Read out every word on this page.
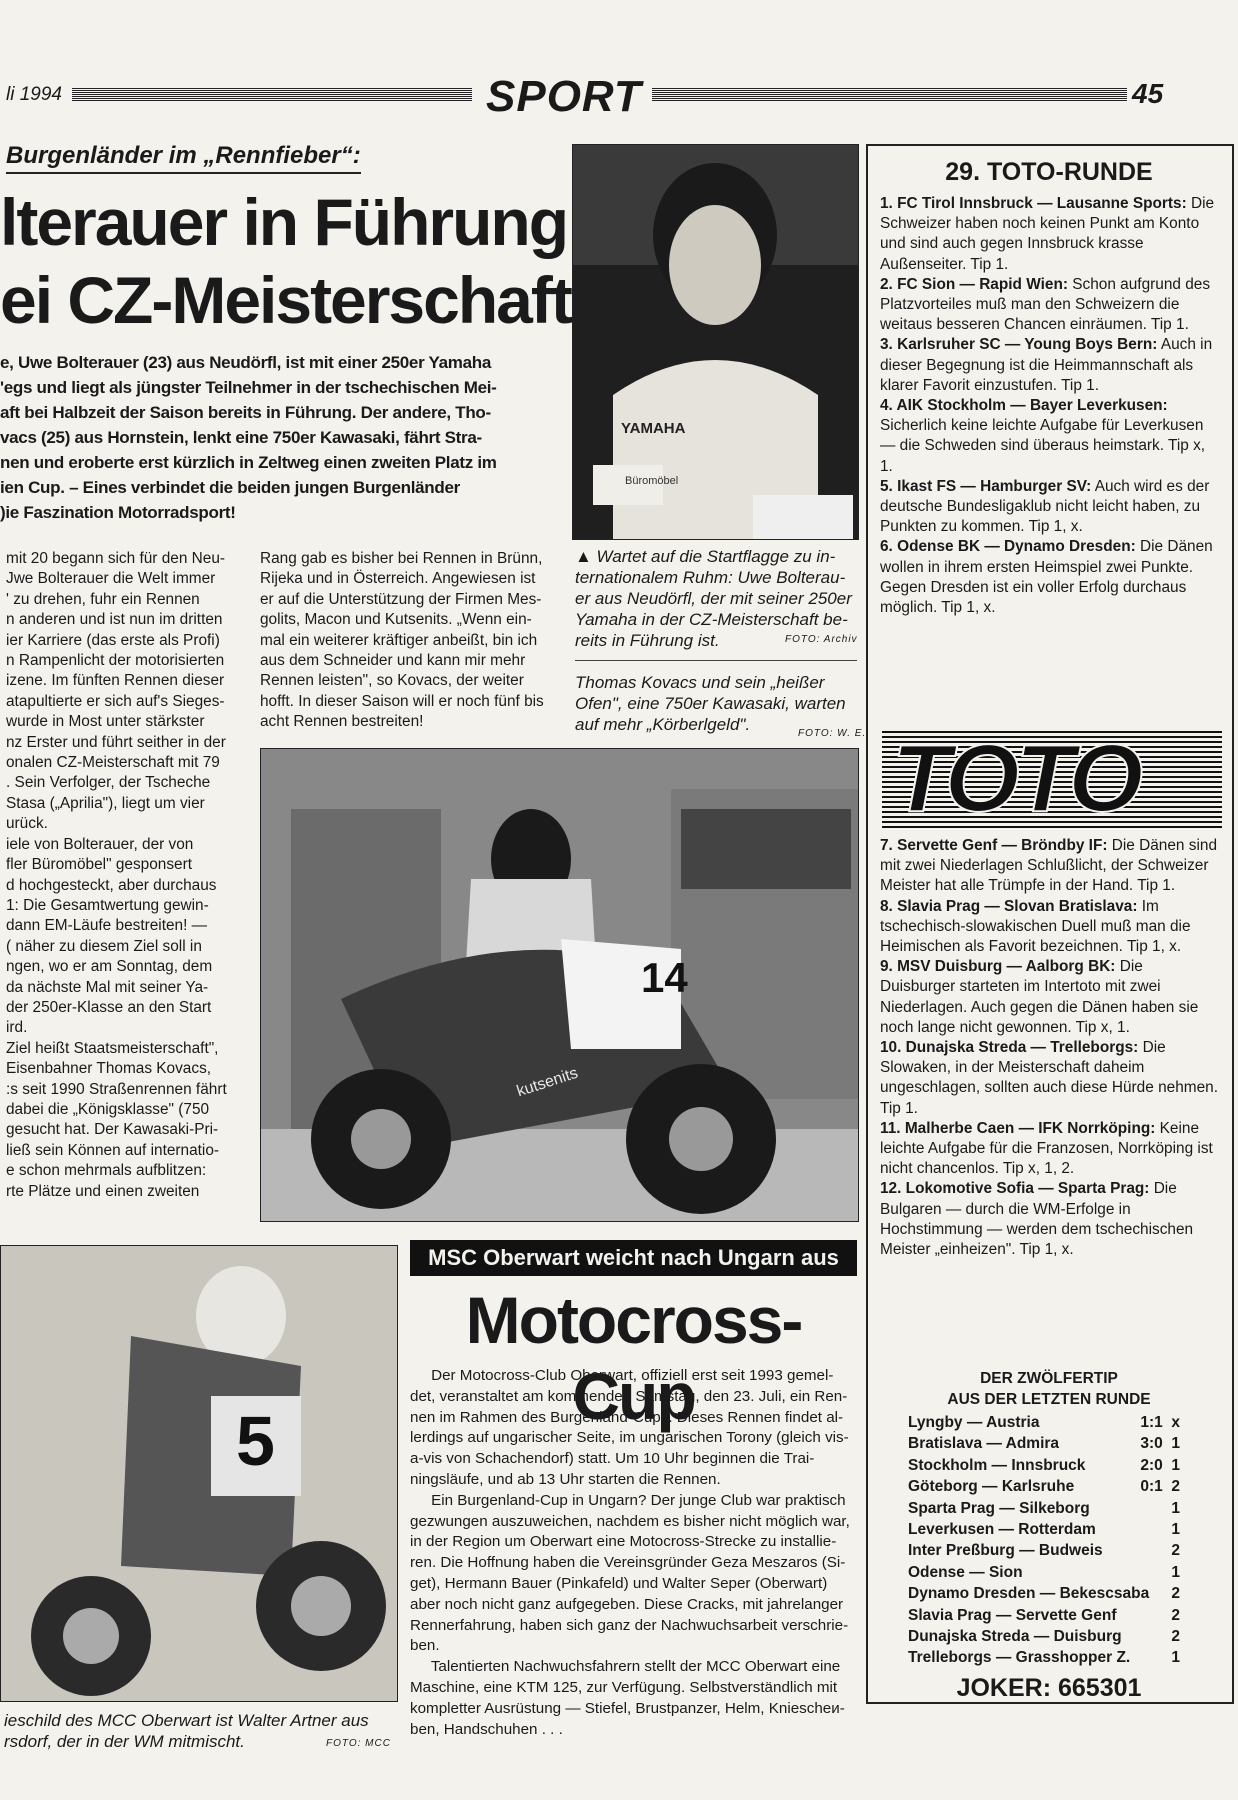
li 1994	SPORT	45
Burgenländer im „Rennfieber“:
lterauer in Führung
ei CZ-Meisterschaft
e, Uwe Bolterauer (23) aus Neudörfl, ist mit einer 250er Yamaha
'egs und liegt als jüngster Teilnehmer in der tschechischen Mei-
aft bei Halbzeit der Saison bereits in Führung. Der andere, Tho-
vacs (25) aus Hornstein, lenkt eine 750er Kawasaki, fährt Stra-
nen und eroberte erst kürzlich in Zeltweg einen zweiten Platz im
ien Cup. – Eines verbindet die beiden jungen Burgenländer
)ie Faszination Motorradsport!
mit 20 begann sich für den Neu-
Jwe Bolterauer die Welt immer
' zu drehen, fuhr ein Rennen
n anderen und ist nun im dritten
ier Karriere (das erste als Profi)
n Rampenlicht der motorisierten
izene. Im fünften Rennen dieser
atapultierte er sich auf's Sieges-
wurde in Most unter stärkster
nz Erster und führt seither in der
onalen CZ-Meisterschaft mit 79
. Sein Verfolger, der Tscheche
Stasa („Aprilia"), liegt um vier
urück.
iele von Bolterauer, der von
fler Büromöbel" gesponsert
d hochgesteckt, aber durchaus
1: Die Gesamtwertung gewin-
dann EM-Läufe bestreiten! —
( näher zu diesem Ziel soll in
ngen, wo er am Sonntag, dem
da nächste Mal mit seiner Ya-
der 250er-Klasse an den Start
ird.
Ziel heißt Staatsmeisterschaft",
Eisenbahner Thomas Kovacs,
:s seit 1990 Straßenrennen fährt
dabei die „Königsklasse" (750
gesucht hat. Der Kawasaki-Pri-
ließ sein Können auf internatio-
e schon mehrmals aufblitzen:
rte Plätze und einen zweiten
Rang gab es bisher bei Rennen in Brünn,
Rijeka und in Österreich. Angewiesen ist
er auf die Unterstützung der Firmen Mes-
golits, Macon und Kutsenits. „Wenn ein-
mal ein weiterer kräftiger anbeißt, bin ich
aus dem Schneider und kann mir mehr
Rennen leisten", so Kovacs, der weiter
hofft. In dieser Saison will er noch fünf bis
acht Rennen bestreiten!
YAMAHA
Büromöbel
▲ Wartet auf die Startflagge zu in-
ternationalem Ruhm: Uwe Bolterau-
er aus Neudörfl, der mit seiner 250er
Yamaha in der CZ-Meisterschaft be-
reits in Führung ist.	FOTO: Archiv
Thomas Kovacs und sein „heißer
Ofen", eine 750er Kawasaki, warten
auf mehr „Körberlgeld".	FOTO: W. E.
14
kutsenits
5
ieschild des MCC Oberwart ist Walter Artner aus
rsdorf, der in der WM mitmischt.	FOTO: MCC
MSC Oberwart weicht nach Ungarn aus
Motocross-Cup
Der Motocross-Club Oberwart, offiziell erst seit 1993 gemel-
det, veranstaltet am kommenden Samstag, den 23. Juli, ein Ren-
nen im Rahmen des Burgenland-Cups. Dieses Rennen findet al-
lerdings auf ungarischer Seite, im ungarischen Torony (gleich vis-
a-vis von Schachendorf) statt. Um 10 Uhr beginnen die Trai-
ningsläufe, und ab 13 Uhr starten die Rennen.
Ein Burgenland-Cup in Ungarn? Der junge Club war praktisch
gezwungen auszuweichen, nachdem es bisher nicht möglich war,
in der Region um Oberwart eine Motocross-Strecke zu installie-
ren. Die Hoffnung haben die Vereinsgründer Geza Meszaros (Si-
get), Hermann Bauer (Pinkafeld) und Walter Seper (Oberwart)
aber noch nicht ganz aufgegeben. Diese Cracks, mit jahrelanger
Rennerfahrung, haben sich ganz der Nachwuchsarbeit verschrie-
ben.
Talentierten Nachwuchsfahrern stellt der MCC Oberwart eine
Maschine, eine KTM 125, zur Verfügung. Selbstverständlich mit
kompletter Ausrüstung — Stiefel, Brustpanzer, Helm, Kniescheи-
ben, Handschuhen . . .
29. TOTO-RUNDE
1. FC Tirol Innsbruck — Lausanne Sports: Die Schweizer haben noch keinen Punkt am Konto und sind auch gegen Innsbruck krasse Außenseiter. Tip 1.
2. FC Sion — Rapid Wien: Schon aufgrund des Platzvorteiles muß man den Schweizern die weitaus besseren Chancen einräumen. Tip 1.
3. Karlsruher SC — Young Boys Bern: Auch in dieser Begegnung ist die Heimmannschaft als klarer Favorit einzustufen. Tip 1.
4. AIK Stockholm — Bayer Leverkusen: Sicherlich keine leichte Aufgabe für Leverkusen — die Schweden sind überaus heimstark. Tip x, 1.
5. Ikast FS — Hamburger SV: Auch wird es der deutsche Bundesligaklub nicht leicht haben, zu Punkten zu kommen. Tip 1, x.
6. Odense BK — Dynamo Dresden: Die Dänen wollen in ihrem ersten Heimspiel zwei Punkte. Gegen Dresden ist ein voller Erfolg durchaus möglich. Tip 1, x.
TOTO
7. Servette Genf — Bröndby IF: Die Dänen sind mit zwei Niederlagen Schlußlicht, der Schweizer Meister hat alle Trümpfe in der Hand. Tip 1.
8. Slavia Prag — Slovan Bratislava: Im tschechisch-slowakischen Duell muß man die Heimischen als Favorit bezeichnen. Tip 1, x.
9. MSV Duisburg — Aalborg BK: Die Duisburger starteten im Intertoto mit zwei Niederlagen. Auch gegen die Dänen haben sie noch lange nicht gewonnen. Tip x, 1.
10. Dunajska Streda — Trelleborgs: Die Slowaken, in der Meisterschaft daheim ungeschlagen, sollten auch diese Hürde nehmen. Tip 1.
11. Malherbe Caen — IFK Norrköping: Keine leichte Aufgabe für die Franzosen, Norrköping ist nicht chancenlos. Tip x, 1, 2.
12. Lokomotive Sofia — Sparta Prag: Die Bulgaren — durch die WM-Erfolge in Hochstimmung — werden dem tschechischen Meister „einheizen". Tip 1, x.
DER ZWÖLFERTIP
AUS DER LETZTEN RUNDE
Lyngby — Austria	1:1 x
Bratislava — Admira	3:0 1
Stockholm — Innsbruck	2:0 1
Göteborg — Karlsruhe	0:1 2
Sparta Prag — Silkeborg	1
Leverkusen — Rotterdam	1
Inter Preßburg — Budweis	2
Odense — Sion	1
Dynamo Dresden — Bekescsaba 2
Slavia Prag — Servette Genf	2
Dunajska Streda — Duisburg	2
Trelleborgs — Grasshopper Z.	1
JOKER: 665301
